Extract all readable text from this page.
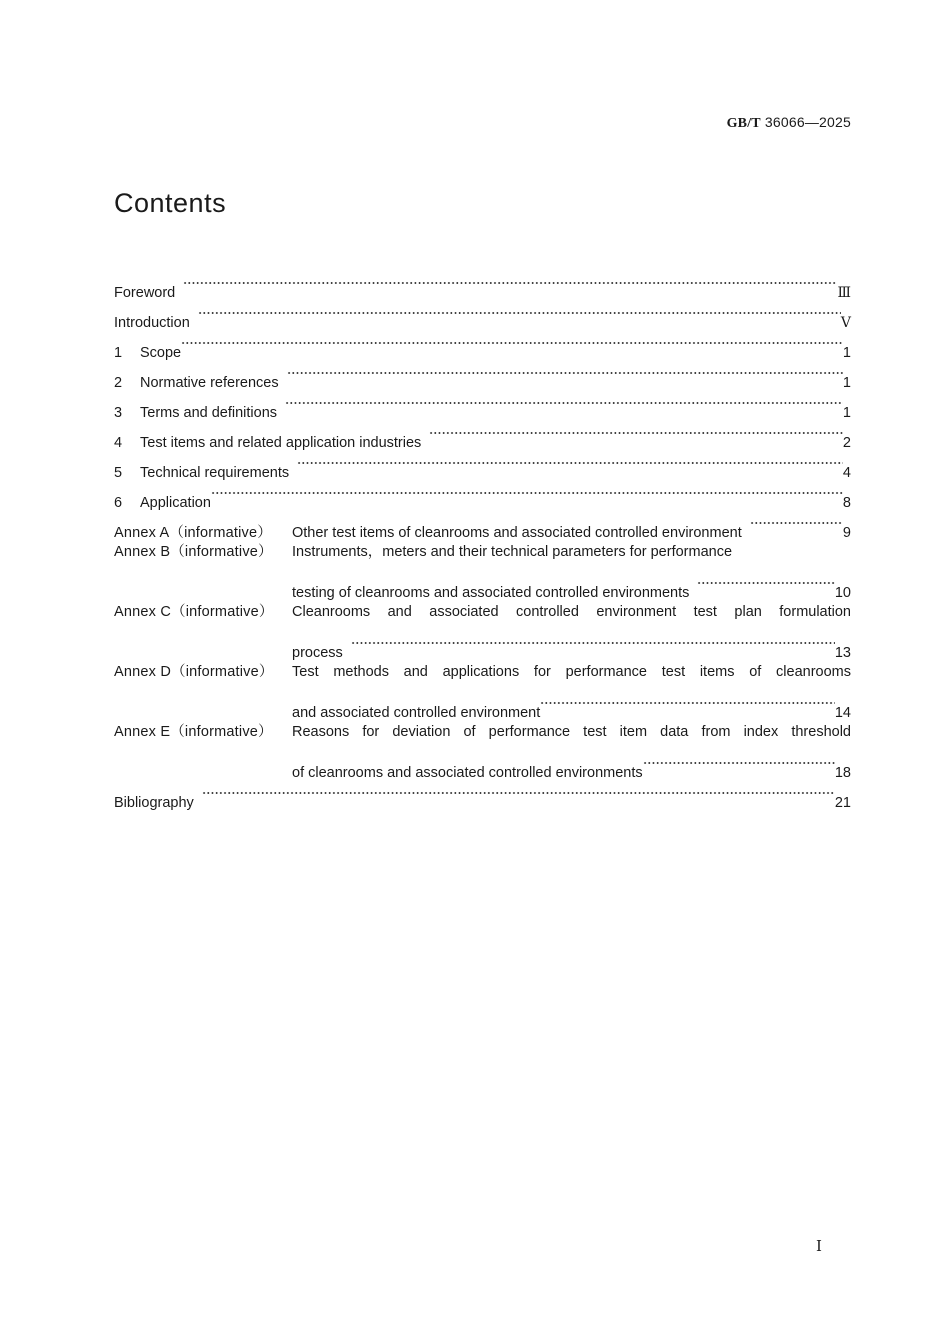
GB/T 36066—2025
Contents
Foreword	Ⅲ
Introduction	Ⅴ
1	Scope	1
2	Normative references	1
3	Terms and definitions	1
4	Test items and related application industries	2
5	Technical requirements	4
6	Application	8
Annex A（informative）	Other test items of cleanrooms and associated controlled environment	9
Annex B（informative）	Instruments，meters and their technical parameters for performance
testing of cleanrooms and associated controlled environments	10
Annex C（informative）	Cleanrooms and associated controlled environment test plan formulation
process	13
Annex D（informative）	Test methods and applications for performance test items of cleanrooms
and associated controlled environment	14
Annex E（informative）	Reasons for deviation of performance test item data from index threshold
of cleanrooms and associated controlled environments	18
Bibliography	21
Ⅰ
